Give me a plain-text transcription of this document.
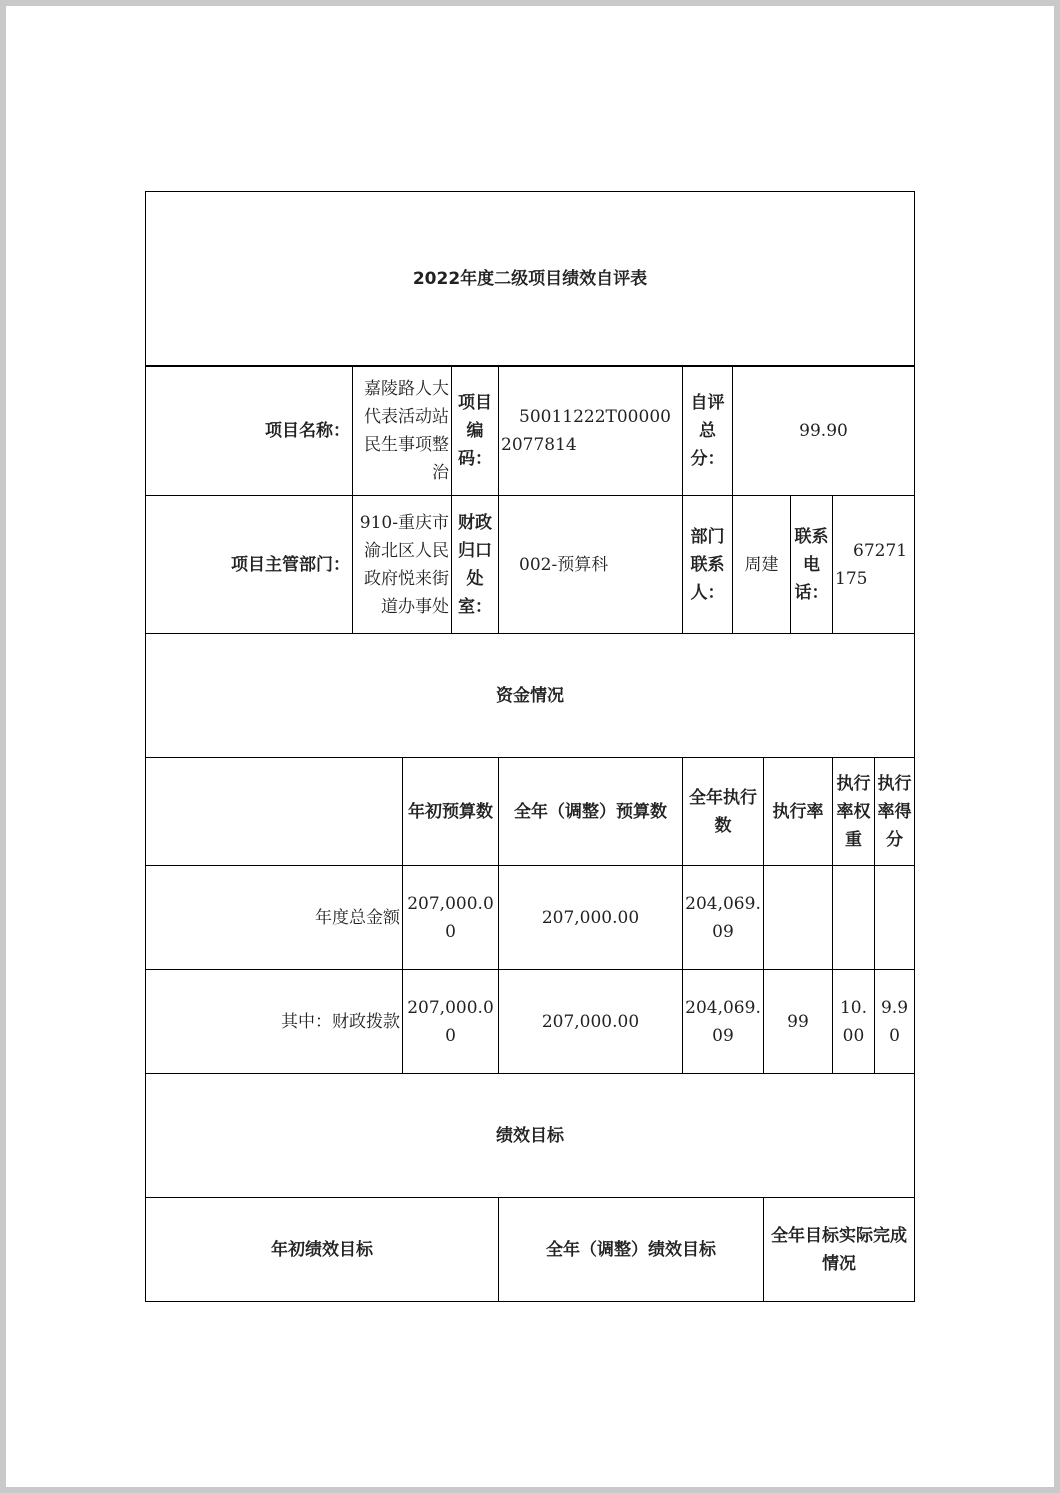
2022年度二级项目绩效自评表
项目名称：
嘉陵路人大代表活动站民生事项整治
项目编码：
50011222T000002077814
自评总分：
99.90
项目主管部门：
910-重庆市渝北区人民政府悦来街道办事处
财政归口处室：
002-预算科
部门联系人：
周建
联系电话：
67271175
资金情况
年初预算数 全年（调整）预算数
全年执行数
执行率
执行率权重
执行率得分
年度总金额
207,000.00
207,000.00
204,069.09
其中：财政拨款
207,000.00
207,000.00
204,069.09
99
10.00
9.90
绩效目标
年初绩效目标	全年（调整）绩效目标
全年目标实际完成情况
